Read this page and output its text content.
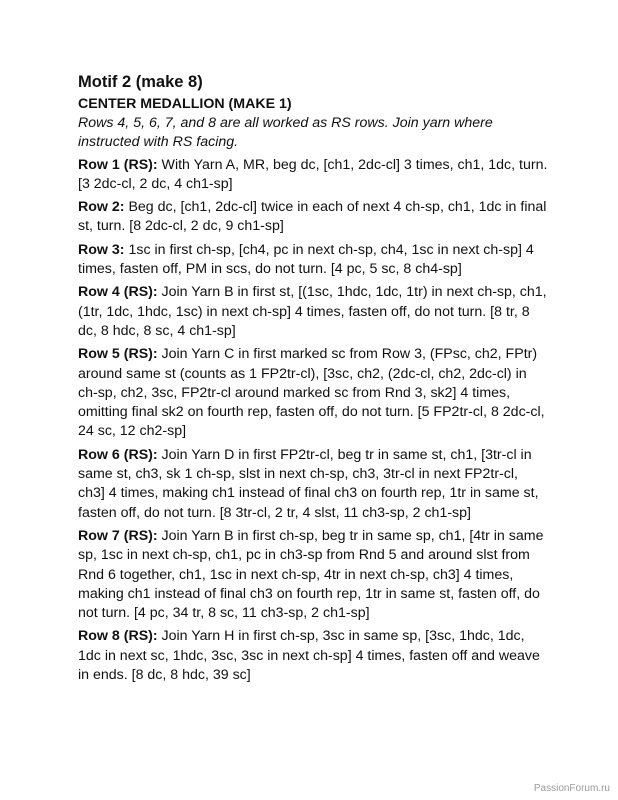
Motif 2 (make 8)
CENTER MEDALLION (MAKE 1)
Rows 4, 5, 6, 7, and 8 are all worked as RS rows. Join yarn where instructed with RS facing.
Row 1 (RS): With Yarn A, MR, beg dc, [ch1, 2dc-cl] 3 times, ch1, 1dc, turn. [3 2dc-cl, 2 dc, 4 ch1-sp]
Row 2: Beg dc, [ch1, 2dc-cl] twice in each of next 4 ch-sp, ch1, 1dc in final st, turn. [8 2dc-cl, 2 dc, 9 ch1-sp]
Row 3: 1sc in first ch-sp, [ch4, pc in next ch-sp, ch4, 1sc in next ch-sp] 4 times, fasten off, PM in scs, do not turn. [4 pc, 5 sc, 8 ch4-sp]
Row 4 (RS): Join Yarn B in first st, [(1sc, 1hdc, 1dc, 1tr) in next ch-sp, ch1, (1tr, 1dc, 1hdc, 1sc) in next ch-sp] 4 times, fasten off, do not turn. [8 tr, 8 dc, 8 hdc, 8 sc, 4 ch1-sp]
Row 5 (RS): Join Yarn C in first marked sc from Row 3, (FPsc, ch2, FPtr) around same st (counts as 1 FP2tr-cl), [3sc, ch2, (2dc-cl, ch2, 2dc-cl) in ch-sp, ch2, 3sc, FP2tr-cl around marked sc from Rnd 3, sk2] 4 times, omitting final sk2 on fourth rep, fasten off, do not turn. [5 FP2tr-cl, 8 2dc-cl, 24 sc, 12 ch2-sp]
Row 6 (RS): Join Yarn D in first FP2tr-cl, beg tr in same st, ch1, [3tr-cl in same st, ch3, sk 1 ch-sp, slst in next ch-sp, ch3, 3tr-cl in next FP2tr-cl, ch3] 4 times, making ch1 instead of final ch3 on fourth rep, 1tr in same st, fasten off, do not turn. [8 3tr-cl, 2 tr, 4 slst, 11 ch3-sp, 2 ch1-sp]
Row 7 (RS): Join Yarn B in first ch-sp, beg tr in same sp, ch1, [4tr in same sp, 1sc in next ch-sp, ch1, pc in ch3-sp from Rnd 5 and around slst from Rnd 6 together, ch1, 1sc in next ch-sp, 4tr in next ch-sp, ch3] 4 times, making ch1 instead of final ch3 on fourth rep, 1tr in same st, fasten off, do not turn. [4 pc, 34 tr, 8 sc, 11 ch3-sp, 2 ch1-sp]
Row 8 (RS): Join Yarn H in first ch-sp, 3sc in same sp, [3sc, 1hdc, 1dc, 1dc in next sc, 1hdc, 3sc, 3sc in next ch-sp] 4 times, fasten off and weave in ends. [8 dc, 8 hdc, 39 sc]
PassionForum.ru
